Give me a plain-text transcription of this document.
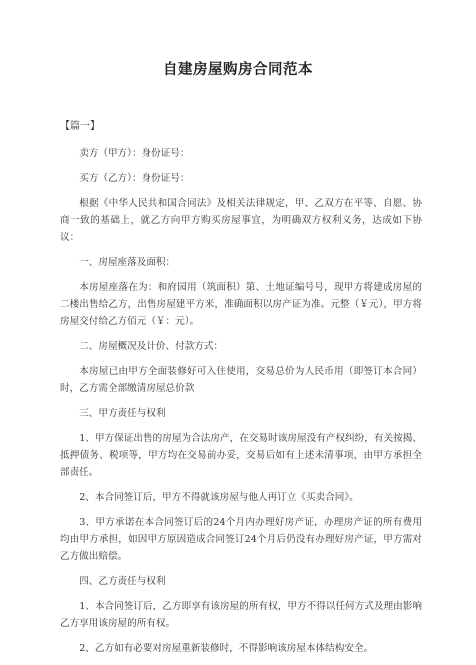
自建房屋购房合同范本
【篇一】

卖方（甲方）：身份证号：

买方（乙方）：身份证号：

根据《中华人民共和国合同法》及相关法律规定，甲、乙双方在平等、自愿、协商一致的基础上，就乙方向甲方购买房屋事宜，为明确双方权利义务，达成如下协议：

一、房屋座落及面积：

本房屋座落在为：和府园用（筑面积）第、土地证编号号，现甲方将建成房屋的二楼出售给乙方，出售房屋建平方米，准确面积以房产证为准。元整（￥元），甲方将房屋交付给乙方佰元（￥：元）。

二、房屋概况及计价、付款方式：

本房屋已由甲方全面装修好可入住使用，交易总价为人民币用（即签订本合同）时，乙方需全部缴清房屋总价款

三、甲方责任与权利

1、甲方保证出售的房屋为合法房产，在交易时该房屋没有产权纠纷，有关按揭、抵押债务、税项等，甲方均在交易前办妥，交易后如有上述未清事项，由甲方承担全部责任。

2、本合同签订后，甲方不得就该房屋与他人再订立《买卖合同》。

3、甲方承诺在本合同签订后的24个月内办理好房产证，办理房产证的所有费用均由甲方承担，如因甲方原因造成合同签订24个月后仍没有办理好房产证，甲方需对乙方做出赔偿。

四、乙方责任与权利

1、本合同签订后，乙方即享有该房屋的所有权，甲方不得以任何方式及理由影响乙方享用该房屋的所有权。

2、乙方如有必要对房屋重新装修时，不得影响该房屋本体结构安全。
